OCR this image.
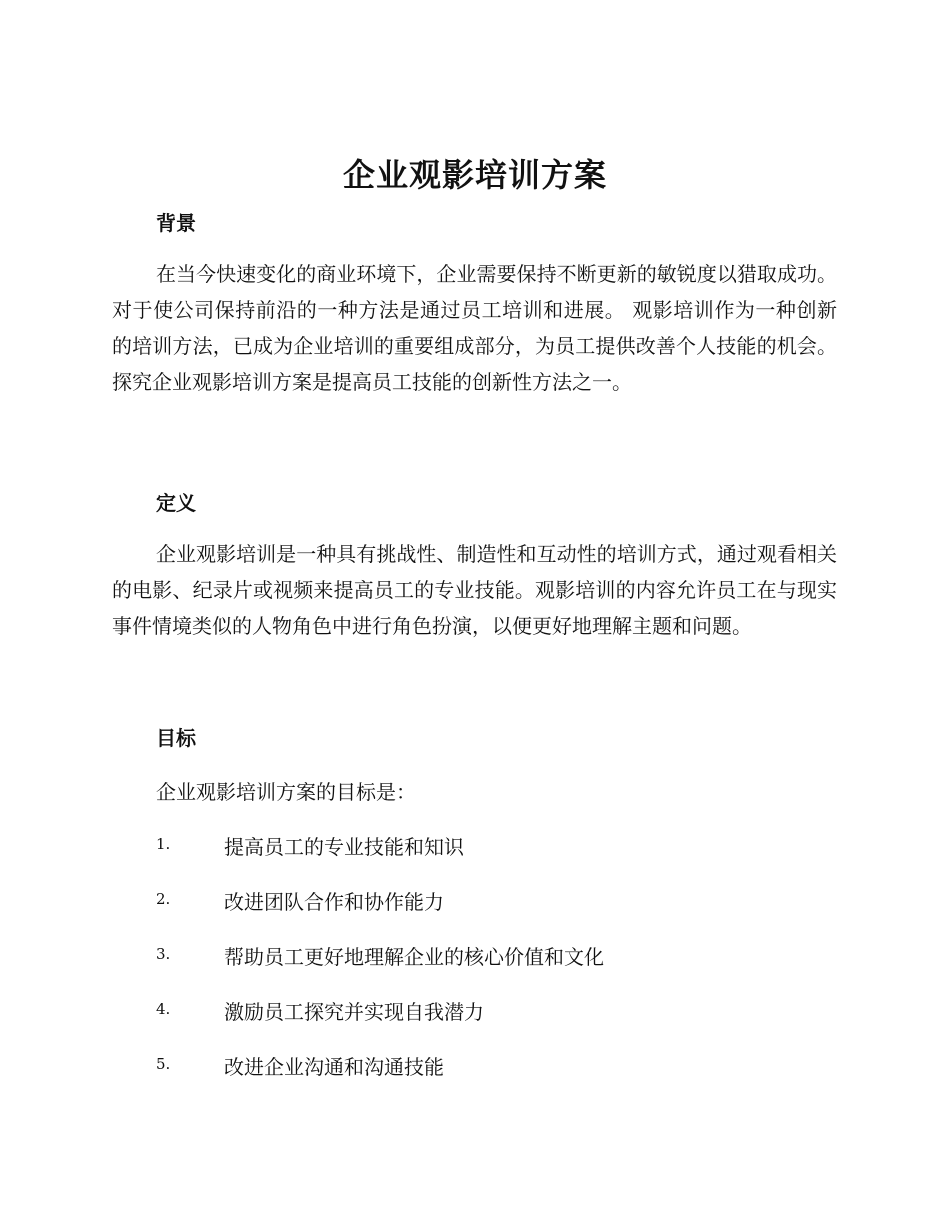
企业观影培训方案
背景

在当今快速变化的商业环境下，企业需要保持不断更新的敏锐度以猎取成功。 对于使公司保持前沿的一种方法是通过员工培训和进展。 观影培训作为一种创新的培训方法，已成为企业培训的重要组成部分，为员工提供改善个人技能的机会。 探究企业观影培训方案是提高员工技能的创新性方法之一。

定义

企业观影培训是一种具有挑战性、制造性和互动性的培训方式，通过观看相关的电影、纪录片或视频来提高员工的专业技能。观影培训的内容允许员工在与现实事件情境类似的人物角色中进行角色扮演，以便更好地理解主题和问题。

目标

企业观影培训方案的目标是：

1.	提高员工的专业技能和知识
2.	改进团队合作和协作能力
3.	帮助员工更好地理解企业的核心价值和文化
4.	激励员工探究并实现自我潜力
5.	改进企业沟通和沟通技能
